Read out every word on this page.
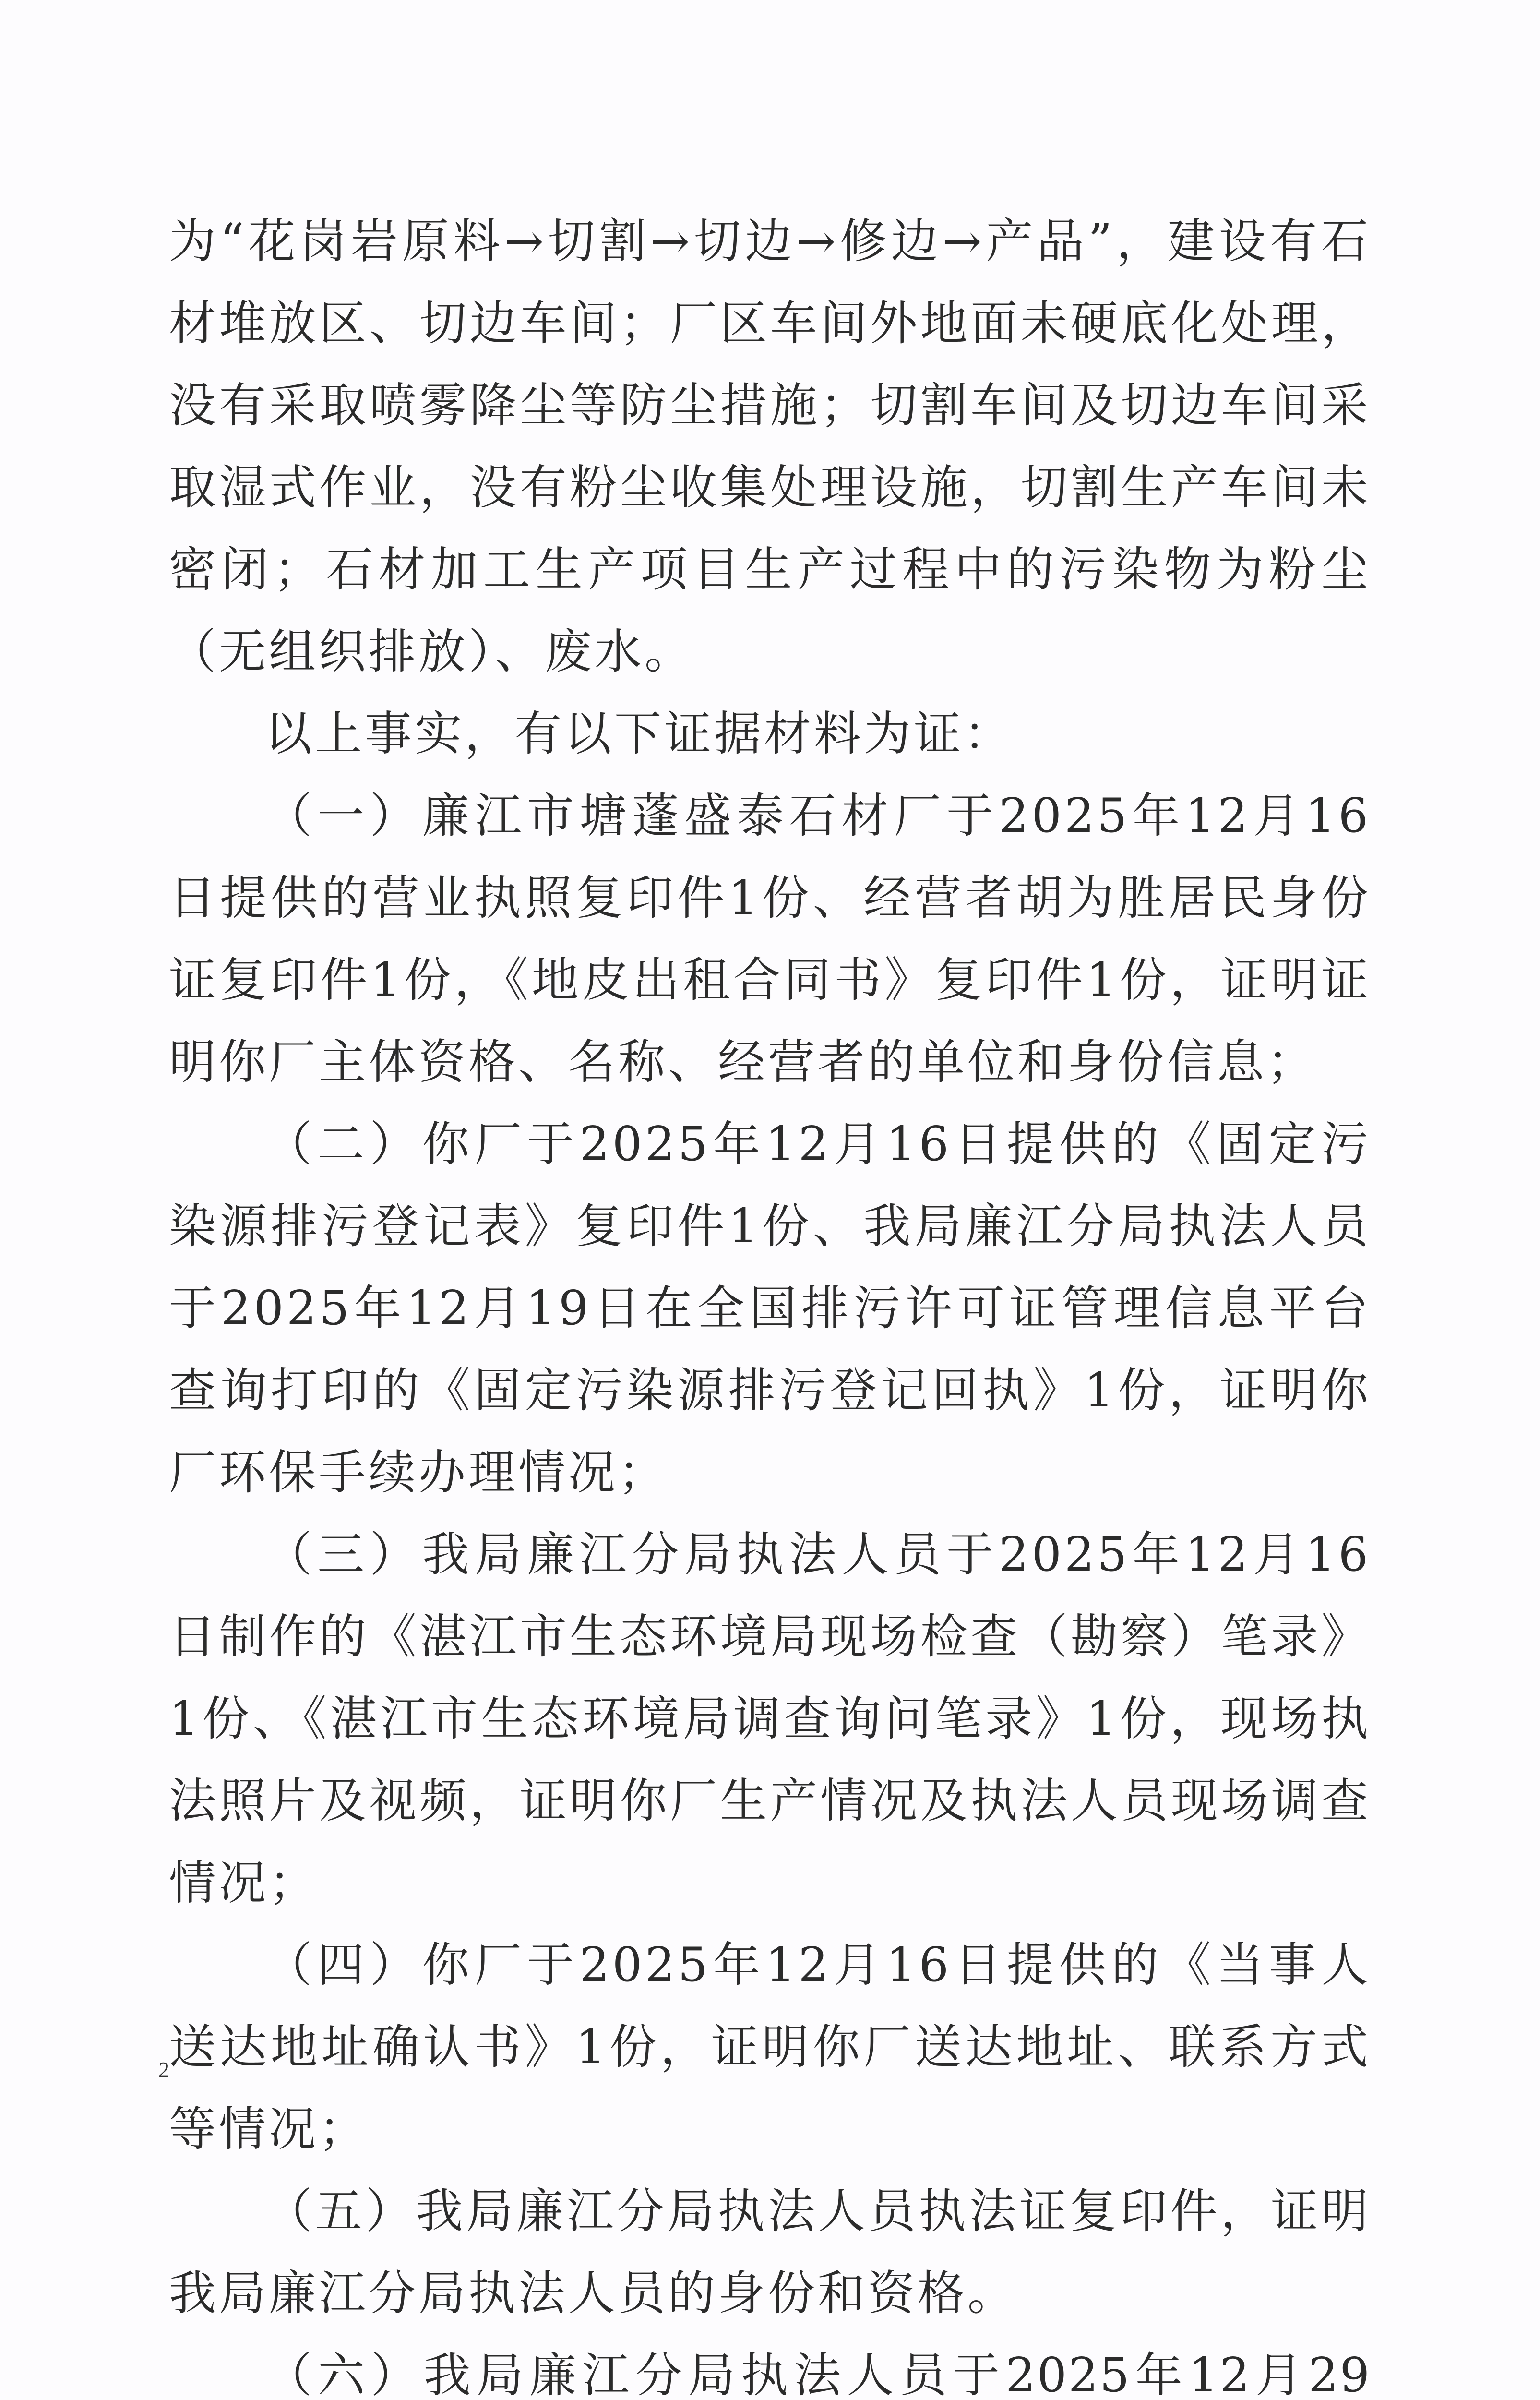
为“花岗岩原料→切割→切边→修边→产品”，建设有石材堆放区、切边车间；厂区车间外地面未硬底化处理，没有采取喷雾降尘等防尘措施；切割车间及切边车间采取湿式作业，没有粉尘收集处理设施，切割生产车间未密闭；石材加工生产项目生产过程中的污染物为粉尘（无组织排放）、废水。

以上事实，有以下证据材料为证：

（一）廉江市塘蓬盛泰石材厂于2025年12月16日提供的营业执照复印件1份、经营者胡为胜居民身份证复印件1份，《地皮出租合同书》复印件1份，证明证明你厂主体资格、名称、经营者的单位和身份信息；

（二）你厂于2025年12月16日提供的《固定污染源排污登记表》复印件1份、我局廉江分局执法人员于2025年12月19日在全国排污许可证管理信息平台查询打印的《固定污染源排污登记回执》1份，证明你厂环保手续办理情况；

（三）我局廉江分局执法人员于2025年12月16日制作的《湛江市生态环境局现场检查（勘察）笔录》1份、《湛江市生态环境局调查询问笔录》1份，现场执法照片及视频，证明你厂生产情况及执法人员现场调查情况；

（四）你厂于2025年12月16日提供的《当事人送达地址确认书》1份，证明你厂送达地址、联系方式等情况；

（五）我局廉江分局执法人员执法证复印件，证明我局廉江分局执法人员的身份和资格。

（六）我局廉江分局执法人员于2025年12月29

2
